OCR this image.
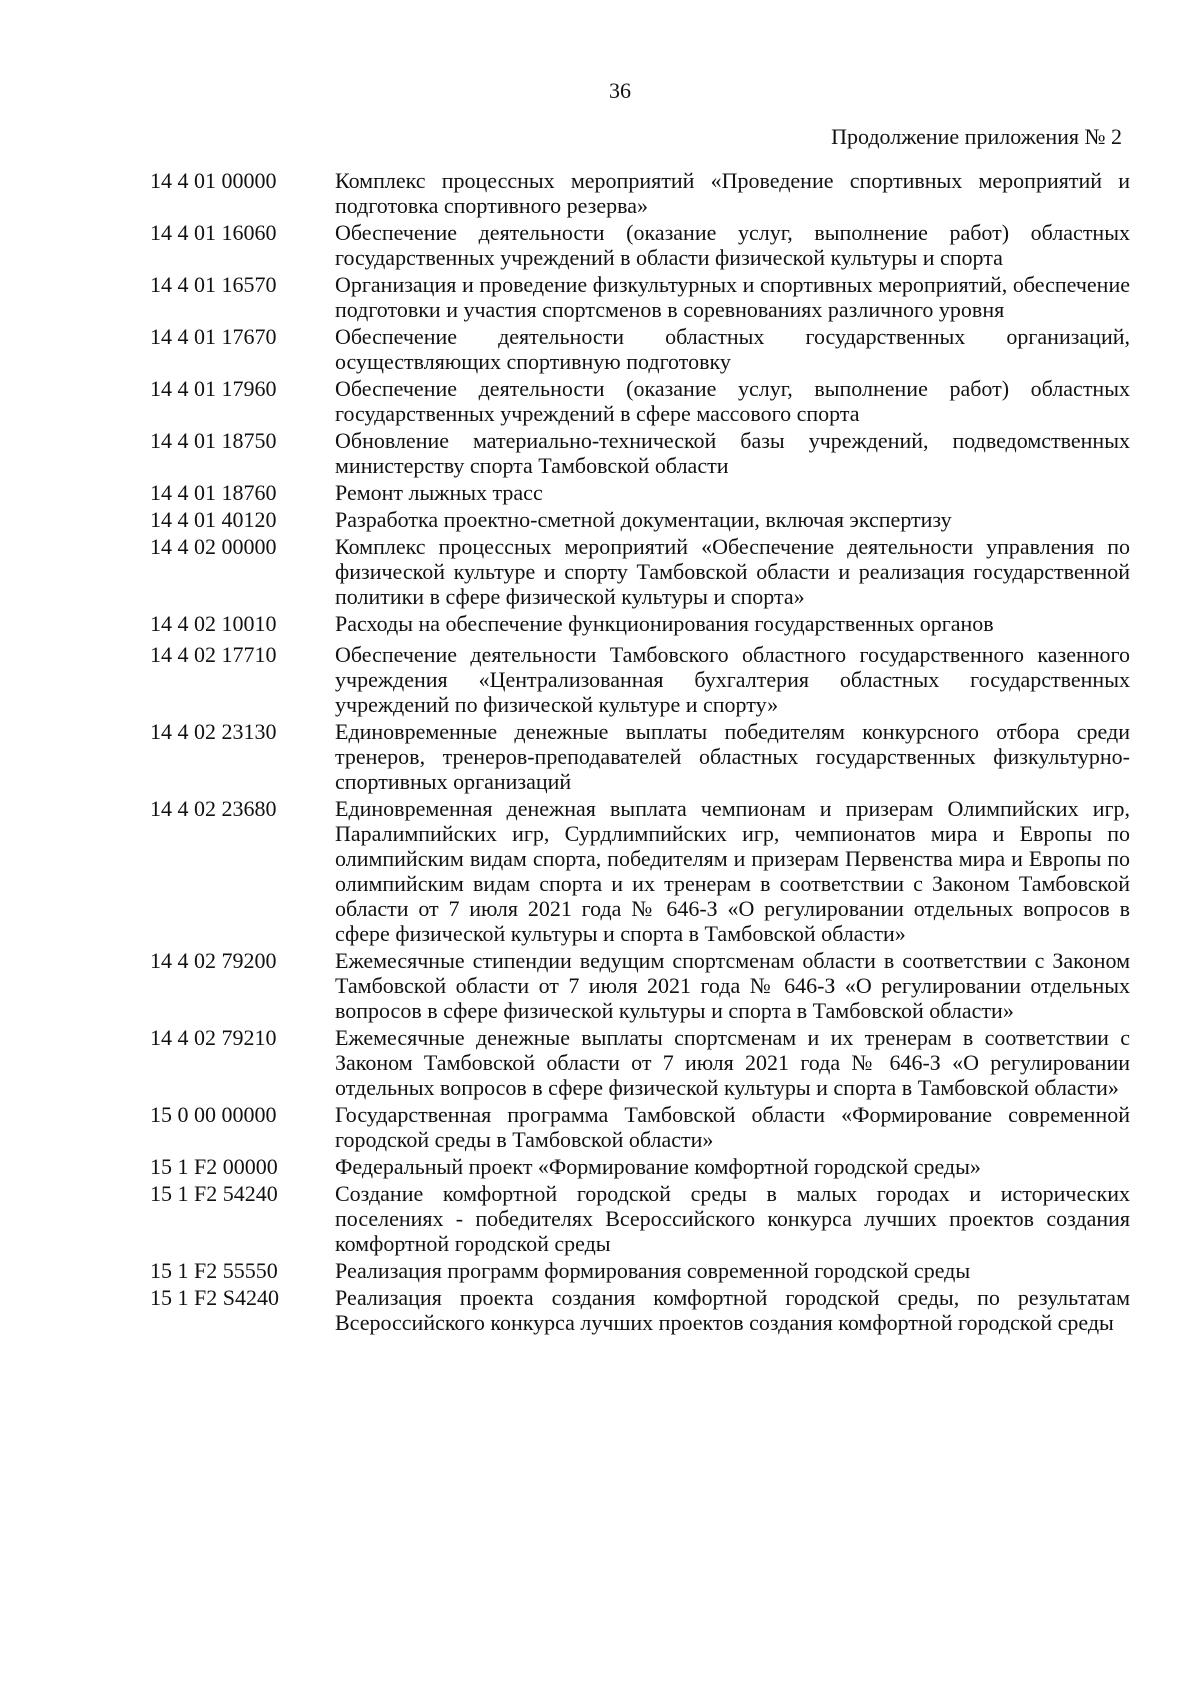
36
Продолжение приложения № 2
14 4 01 00000	Комплекс процессных мероприятий «Проведение спортивных мероприятий и подготовка спортивного резерва»
14 4 01 16060	Обеспечение деятельности (оказание услуг, выполнение работ) областных государственных учреждений в области физической культуры и спорта
14 4 01 16570	Организация и проведение физкультурных и спортивных мероприятий, обеспечение подготовки и участия спортсменов в соревнованиях различного уровня
14 4 01 17670	Обеспечение деятельности областных государственных организаций, осуществляющих спортивную подготовку
14 4 01 17960	Обеспечение деятельности (оказание услуг, выполнение работ) областных государственных учреждений в сфере массового спорта
14 4 01 18750	Обновление материально-технической базы учреждений, подведомственных министерству спорта Тамбовской области
14 4 01 18760	Ремонт лыжных трасс
14 4 01 40120	Разработка проектно-сметной документации, включая экспертизу
14 4 02 00000	Комплекс процессных мероприятий «Обеспечение деятельности управления по физической культуре и спорту Тамбовской области и реализация государственной политики в сфере физической культуры и спорта»
14 4 02 10010	Расходы на обеспечение функционирования государственных органов
14 4 02 17710	Обеспечение деятельности Тамбовского областного государственного казенного учреждения «Централизованная бухгалтерия областных государственных учреждений по физической культуре и спорту»
14 4 02 23130	Единовременные денежные выплаты победителям конкурсного отбора среди тренеров, тренеров-преподавателей областных государственных физкультурно-спортивных организаций
14 4 02 23680	Единовременная денежная выплата чемпионам и призерам Олимпийских игр, Паралимпийских игр, Сурдлимпийских игр, чемпионатов мира и Европы по олимпийским видам спорта, победителям и призерам Первенства мира и Европы по олимпийским видам спорта и их тренерам в соответствии с Законом Тамбовской области от 7 июля 2021 года № 646-З «О регулировании отдельных вопросов в сфере физической культуры и спорта в Тамбовской области»
14 4 02 79200	Ежемесячные стипендии ведущим спортсменам области в соответствии с Законом Тамбовской области от 7 июля 2021 года № 646-З «О регулировании отдельных вопросов в сфере физической культуры и спорта в Тамбовской области»
14 4 02 79210	Ежемесячные денежные выплаты спортсменам и их тренерам в соответствии с Законом Тамбовской области от 7 июля 2021 года № 646-З «О регулировании отдельных вопросов в сфере физической культуры и спорта в Тамбовской области»
15 0 00 00000	Государственная программа Тамбовской области «Формирование современной городской среды в Тамбовской области»
15 1 F2 00000	Федеральный проект «Формирование комфортной городской среды»
15 1 F2 54240	Создание комфортной городской среды в малых городах и исторических поселениях - победителях Всероссийского конкурса лучших проектов создания комфортной городской среды
15 1 F2 55550	Реализация программ формирования современной городской среды
15 1 F2 S4240	Реализация проекта создания комфортной городской среды, по результатам Всероссийского конкурса лучших проектов создания комфортной городской среды
